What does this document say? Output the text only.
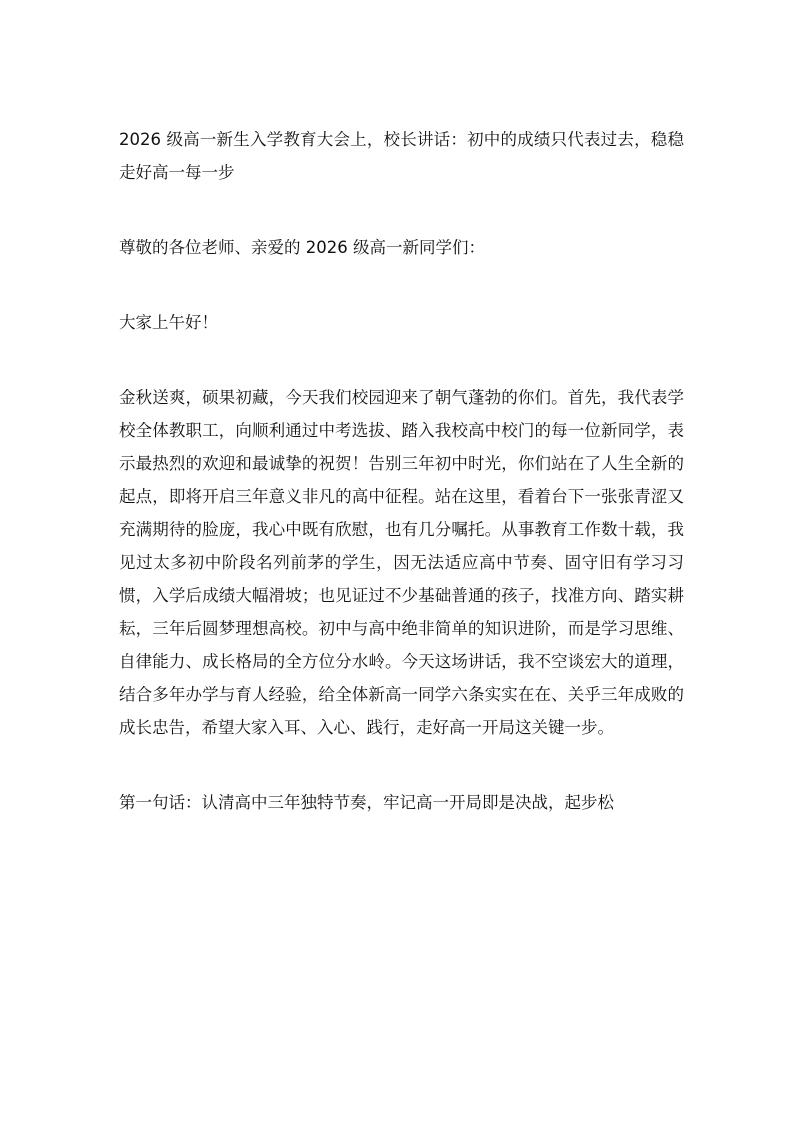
2026 级高一新生入学教育大会上，校长讲话：初中的成绩只代表过去，稳稳走好高一每一步

尊敬的各位老师、亲爱的 2026 级高一新同学们：

大家上午好！

金秋送爽，硕果初藏，今天我们校园迎来了朝气蓬勃的你们。首先，我代表学校全体教职工，向顺利通过中考选拔、踏入我校高中校门的每一位新同学，表示最热烈的欢迎和最诚挚的祝贺！告别三年初中时光，你们站在了人生全新的起点，即将开启三年意义非凡的高中征程。站在这里，看着台下一张张青涩又充满期待的脸庞，我心中既有欣慰，也有几分嘱托。从事教育工作数十载，我见过太多初中阶段名列前茅的学生，因无法适应高中节奏、固守旧有学习习惯，入学后成绩大幅滑坡；也见证过不少基础普通的孩子，找准方向、踏实耕耘，三年后圆梦理想高校。初中与高中绝非简单的知识进阶，而是学习思维、自律能力、成长格局的全方位分水岭。今天这场讲话，我不空谈宏大的道理，结合多年办学与育人经验，给全体新高一同学六条实实在在、关乎三年成败的成长忠告，希望大家入耳、入心、践行，走好高一开局这关键一步。

第一句话：认清高中三年独特节奏，牢记高一开局即是决战，起步松
